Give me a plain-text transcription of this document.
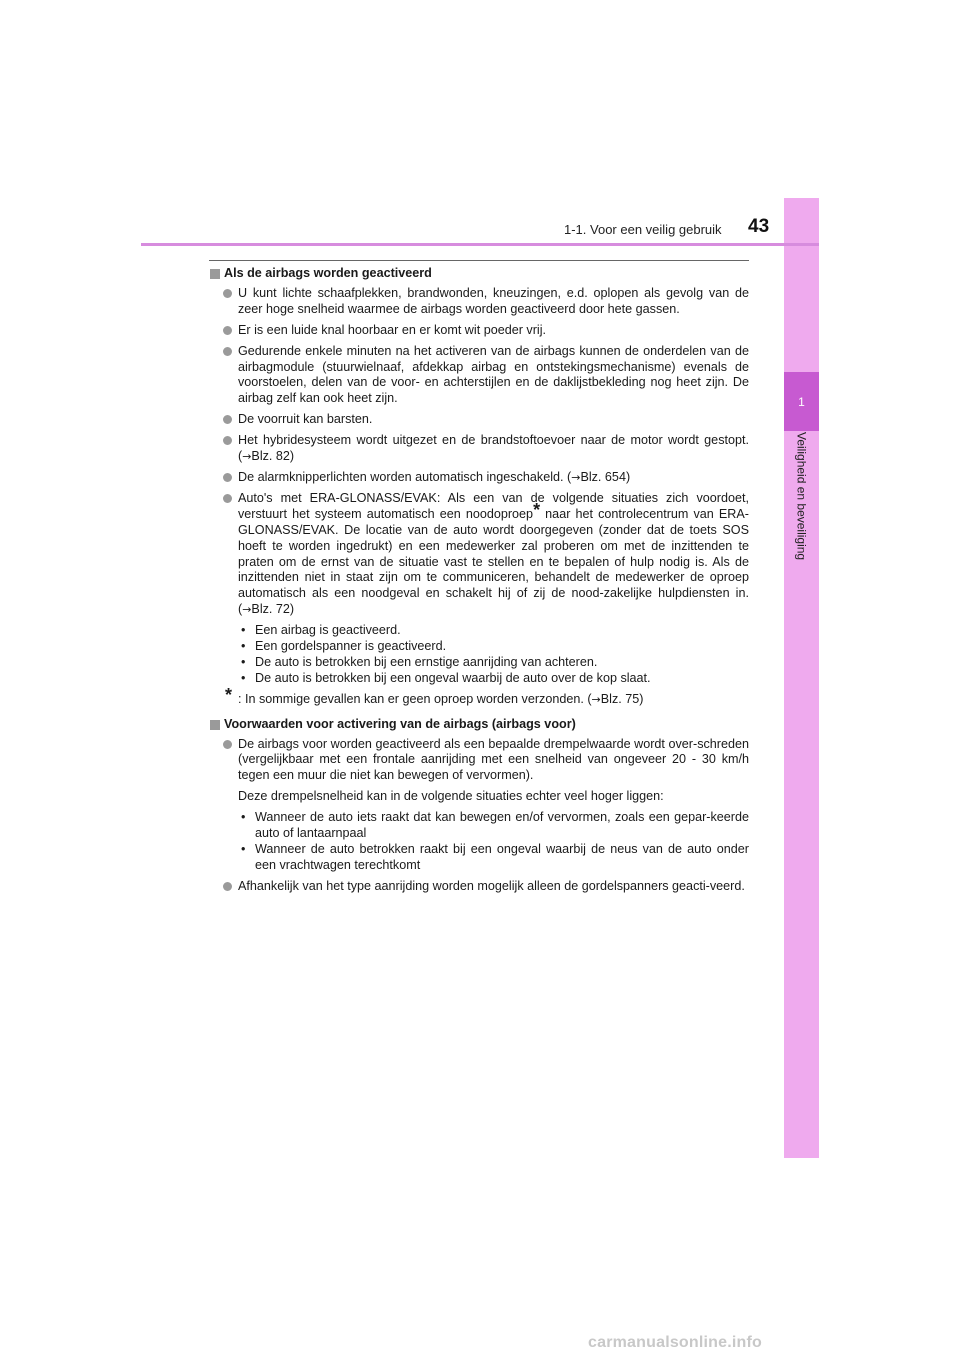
1
Veiligheid en beveiliging
43
1-1. Voor een veilig gebruik
Als de airbags worden geactiveerd
U kunt lichte schaafplekken, brandwonden, kneuzingen, e.d. oplopen als gevolg van de zeer hoge snelheid waarmee de airbags worden geactiveerd door hete gassen.
Er is een luide knal hoorbaar en er komt wit poeder vrij.
Gedurende enkele minuten na het activeren van de airbags kunnen de onderdelen van de airbagmodule (stuurwielnaaf, afdekkap airbag en ontstekingsmechanisme) evenals de voorstoelen, delen van de voor- en achterstijlen en de daklijstbekleding nog heet zijn. De airbag zelf kan ook heet zijn.
De voorruit kan barsten.
Het hybridesysteem wordt uitgezet en de brandstoftoevoer naar de motor wordt gestopt. (→Blz. 82)
De alarmknipperlichten worden automatisch ingeschakeld. (→Blz. 654)
Auto's met ERA-GLONASS/EVAK: Als een van de volgende situaties zich voordoet, verstuurt het systeem automatisch een noodoproep* naar het controlecentrum van ERA-GLONASS/EVAK. De locatie van de auto wordt doorgegeven (zonder dat de toets SOS hoeft te worden ingedrukt) en een medewerker zal proberen om met de inzittenden te praten om de ernst van de situatie vast te stellen en te bepalen of hulp nodig is. Als de inzittenden niet in staat zijn om te communiceren, behandelt de medewerker de oproep automatisch als een noodgeval en schakelt hij of zij de nood-zakelijke hulpdiensten in. (→Blz. 72)
• Een airbag is geactiveerd.
• Een gordelspanner is geactiveerd.
• De auto is betrokken bij een ernstige aanrijding van achteren.
• De auto is betrokken bij een ongeval waarbij de auto over de kop slaat.
* : In sommige gevallen kan er geen oproep worden verzonden. (→Blz. 75)
Voorwaarden voor activering van de airbags (airbags voor)
De airbags voor worden geactiveerd als een bepaalde drempelwaarde wordt over-schreden (vergelijkbaar met een frontale aanrijding met een snelheid van ongeveer 20 - 30 km/h tegen een muur die niet kan bewegen of vervormen).
Deze drempelsnelheid kan in de volgende situaties echter veel hoger liggen:
• Wanneer de auto iets raakt dat kan bewegen en/of vervormen, zoals een gepar-keerde auto of lantaarnpaal
• Wanneer de auto betrokken raakt bij een ongeval waarbij de neus van de auto onder een vrachtwagen terechtkomt
Afhankelijk van het type aanrijding worden mogelijk alleen de gordelspanners geacti-veerd.
carmanualsonline.info
